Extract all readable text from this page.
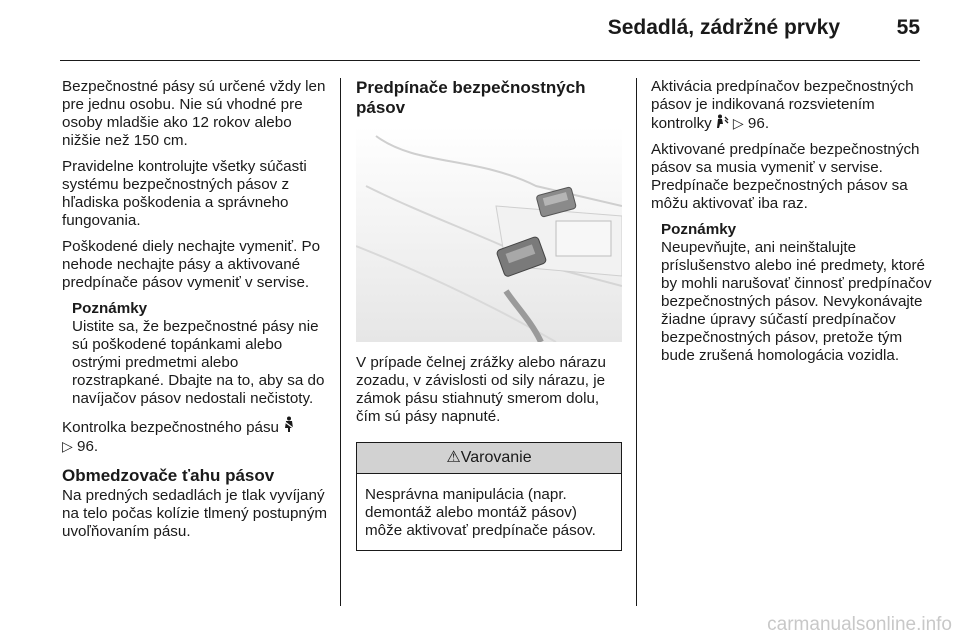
Sedadlá, zádržné prvky	55

Bezpečnostné pásy sú určené vždy len pre jednu osobu. Nie sú vhodné pre osoby mladšie ako 12 rokov alebo nižšie než 150 cm.

Pravidelne kontrolujte všetky súčasti systému bezpečnostných pásov z hľadiska poškodenia a správneho fungovania.

Poškodené diely nechajte vymeniť. Po nehode nechajte pásy a aktivované predpínače pásov vymeniť v servise.

Poznámky
Uistite sa, že bezpečnostné pásy nie sú poškodené topánkami alebo ostrými predmetmi alebo rozstrapkané. Dbajte na to, aby sa do navíjačov pásov nedostali nečistoty.

Kontrolka bezpečnostného pásu
▷ 96.

Obmedzovače ťahu pásov

Na predných sedadlách je tlak vyvíjaný na telo počas kolízie tlmený postupným uvoľňovaním pásu.

Predpínače bezpečnostných pásov

V prípade čelnej zrážky alebo nárazu zozadu, v závislosti od sily nárazu, je zámok pásu stiahnutý smerom dolu, čím sú pásy napnuté.

⚠Varovanie
Nesprávna manipulácia (napr. demontáž alebo montáž pásov) môže aktivovať predpínače pásov.

Aktivácia predpínačov bezpečnostných pásov je indikovaná rozsvietením kontrolky ▷ 96.

Aktivované predpínače bezpečnostných pásov sa musia vymeniť v servise. Predpínače bezpečnostných pásov sa môžu aktivovať iba raz.

Poznámky
Neupevňujte, ani neinštalujte príslušenstvo alebo iné predmety, ktoré by mohli narušovať činnosť predpínačov bezpečnostných pásov. Nevykonávajte žiadne úpravy súčastí predpínačov bezpečnostných pásov, pretože tým bude zrušená homologácia vozidla.
carmanualsonline.info
